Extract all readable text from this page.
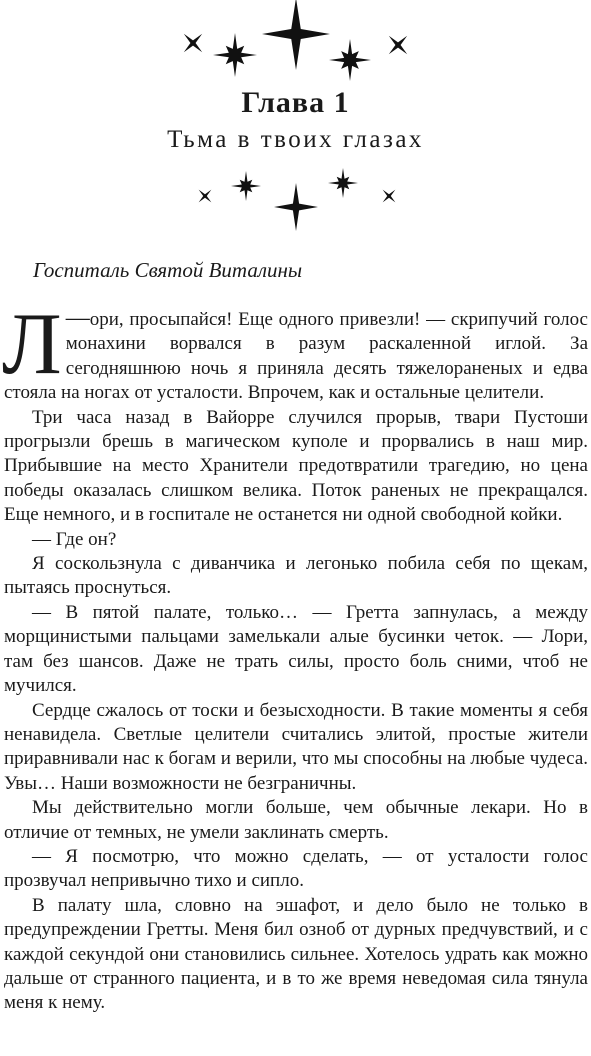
Глава 1
Тьма в твоих глазах

Госпиталь Святой Виталины

—
Л ори, просыпайся! Еще одного привезли! — скрипучий голос монахини ворвался в разум раскаленной иглой. За сегодняшнюю ночь я приняла десять тяжелораненых и едва стояла на ногах от усталости. Впрочем, как и остальные целители.

Три часа назад в Вайорре случился прорыв, твари Пустоши прогрызли брешь в магическом куполе и прорвались в наш мир. Прибывшие на место Хранители предотвратили трагедию, но цена победы оказалась слишком велика. Поток раненых не прекращался. Еще немного, и в госпитале не останется ни одной свободной койки.

— Где он?

Я соскользнула с диванчика и легонько побила себя по щекам, пытаясь проснуться.

— В пятой палате, только… — Гретта запнулась, а между морщинистыми пальцами замелькали алые бусинки четок. — Лори, там без шансов. Даже не трать силы, просто боль сними, чтоб не мучился.

Сердце сжалось от тоски и безысходности. В такие моменты я себя ненавидела. Светлые целители считались элитой, простые жители приравнивали нас к богам и верили, что мы способны на любые чудеса. Увы… Наши возможности не безграничны.

Мы действительно могли больше, чем обычные лекари. Но в отличие от темных, не умели заклинать смерть.

— Я посмотрю, что можно сделать, — от усталости голос прозвучал непривычно тихо и сипло.

В палату шла, словно на эшафот, и дело было не только в предупреждении Гретты. Меня бил озноб от дурных предчувствий, и с каждой секундой они становились сильнее. Хотелось удрать как можно дальше от странного пациента, и в то же время неведомая сила тянула меня к нему.
